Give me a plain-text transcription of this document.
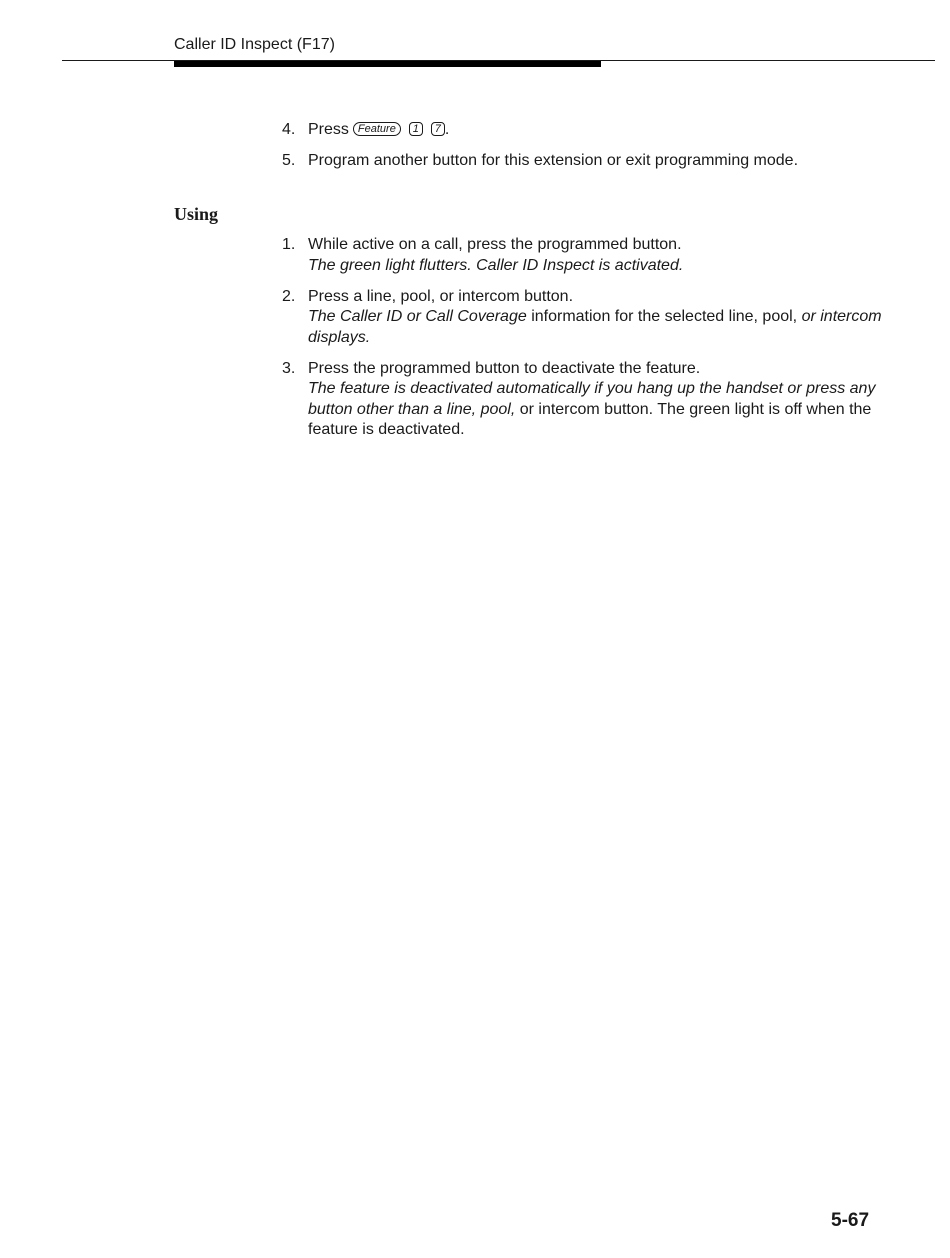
Caller ID Inspect (F17)
4. Press Feature 1 7 .
5. Program another button for this extension or exit programming mode.
Using
1. While active on a call, press the programmed button.
The green light flutters. Caller ID Inspect is activated.
2. Press a line, pool, or intercom button.
The Caller ID or Call Coverage information for the selected line, pool, or intercom displays.
3. Press the programmed button to deactivate the feature.
The feature is deactivated automatically if you hang up the handset or press any button other than a line, pool, or intercom button. The green light is off when the feature is deactivated.
5-67
